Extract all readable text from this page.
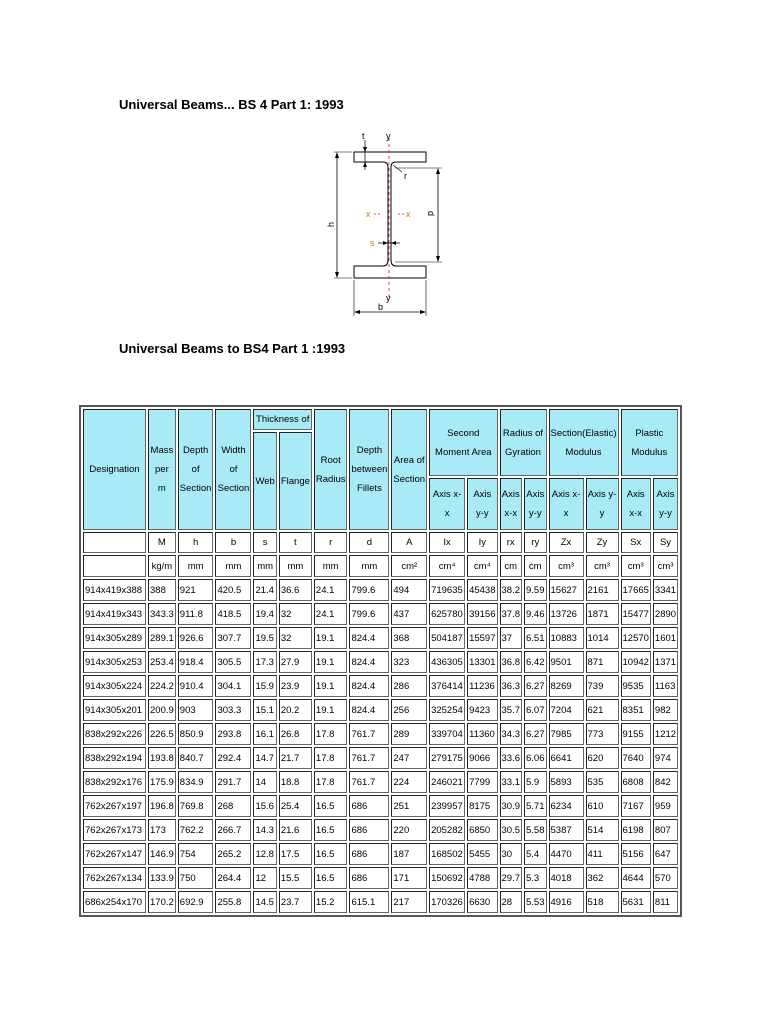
Universal Beams... BS 4 Part 1: 1993
t y
r
h
d
x	x
s
y
b
Universal Beams to BS4 Part 1 :1993
Designation	Mass per m	Depth of Section	Width of Section	Thickness of		Root Radius	Depth between Fillets	Area of Section	Second Moment Area		Radius of Gyration		Section(Elastic) Modulus		Plastic Modulus	
				Web	Flange											
									Axis x-x	Axis y-y	Axis x-x	Axis y-y	Axis x-x	Axis y-y	Axis x-x	Axis y-y
	M	h	b	s	t	r	d	A	Ix	Iy	rx	ry	Zx	Zy	Sx	Sy
	kg/m	mm	mm	mm	mm	mm	mm	cm²	cm⁴	cm⁴	cm	cm	cm³	cm³	cm³	cm³
914x419x388	388	921	420.5	21.4	36.6	24.1	799.6	494	719635	45438	38.2	9.59	15627	2161	17665	3341
914x419x343	343.3	911.8	418.5	19.4	32	24.1	799.6	437	625780	39156	37.8	9.46	13726	1871	15477	2890
914x305x289	289.1	926.6	307.7	19.5	32	19.1	824.4	368	504187	15597	37	6.51	10883	1014	12570	1601
914x305x253	253.4	918.4	305.5	17.3	27.9	19.1	824.4	323	436305	13301	36.8	6.42	9501	871	10942	1371
914x305x224	224.2	910.4	304.1	15.9	23.9	19.1	824.4	286	376414	11236	36.3	6.27	8269	739	9535	1163
914x305x201	200.9	903	303.3	15.1	20.2	19.1	824.4	256	325254	9423	35.7	6.07	7204	621	8351	982
838x292x226	226.5	850.9	293.8	16.1	26.8	17.8	761.7	289	339704	11360	34.3	6.27	7985	773	9155	1212
838x292x194	193.8	840.7	292.4	14.7	21.7	17.8	761.7	247	279175	9066	33.6	6.06	6641	620	7640	974
838x292x176	175.9	834.9	291.7	14	18.8	17.8	761.7	224	246021	7799	33.1	5.9	5893	535	6808	842
762x267x197	196.8	769.8	268	15.6	25.4	16.5	686	251	239957	8175	30.9	5.71	6234	610	7167	959
762x267x173	173	762.2	266.7	14.3	21.6	16.5	686	220	205282	6850	30.5	5.58	5387	514	6198	807
762x267x147	146.9	754	265.2	12.8	17.5	16.5	686	187	168502	5455	30	5.4	4470	411	5156	647
762x267x134	133.9	750	264.4	12	15.5	16.5	686	171	150692	4788	29.7	5.3	4018	362	4644	570
686x254x170	170.2	692.9	255.8	14.5	23.7	15.2	615.1	217	170326	6630	28	5.53	4916	518	5631	811
